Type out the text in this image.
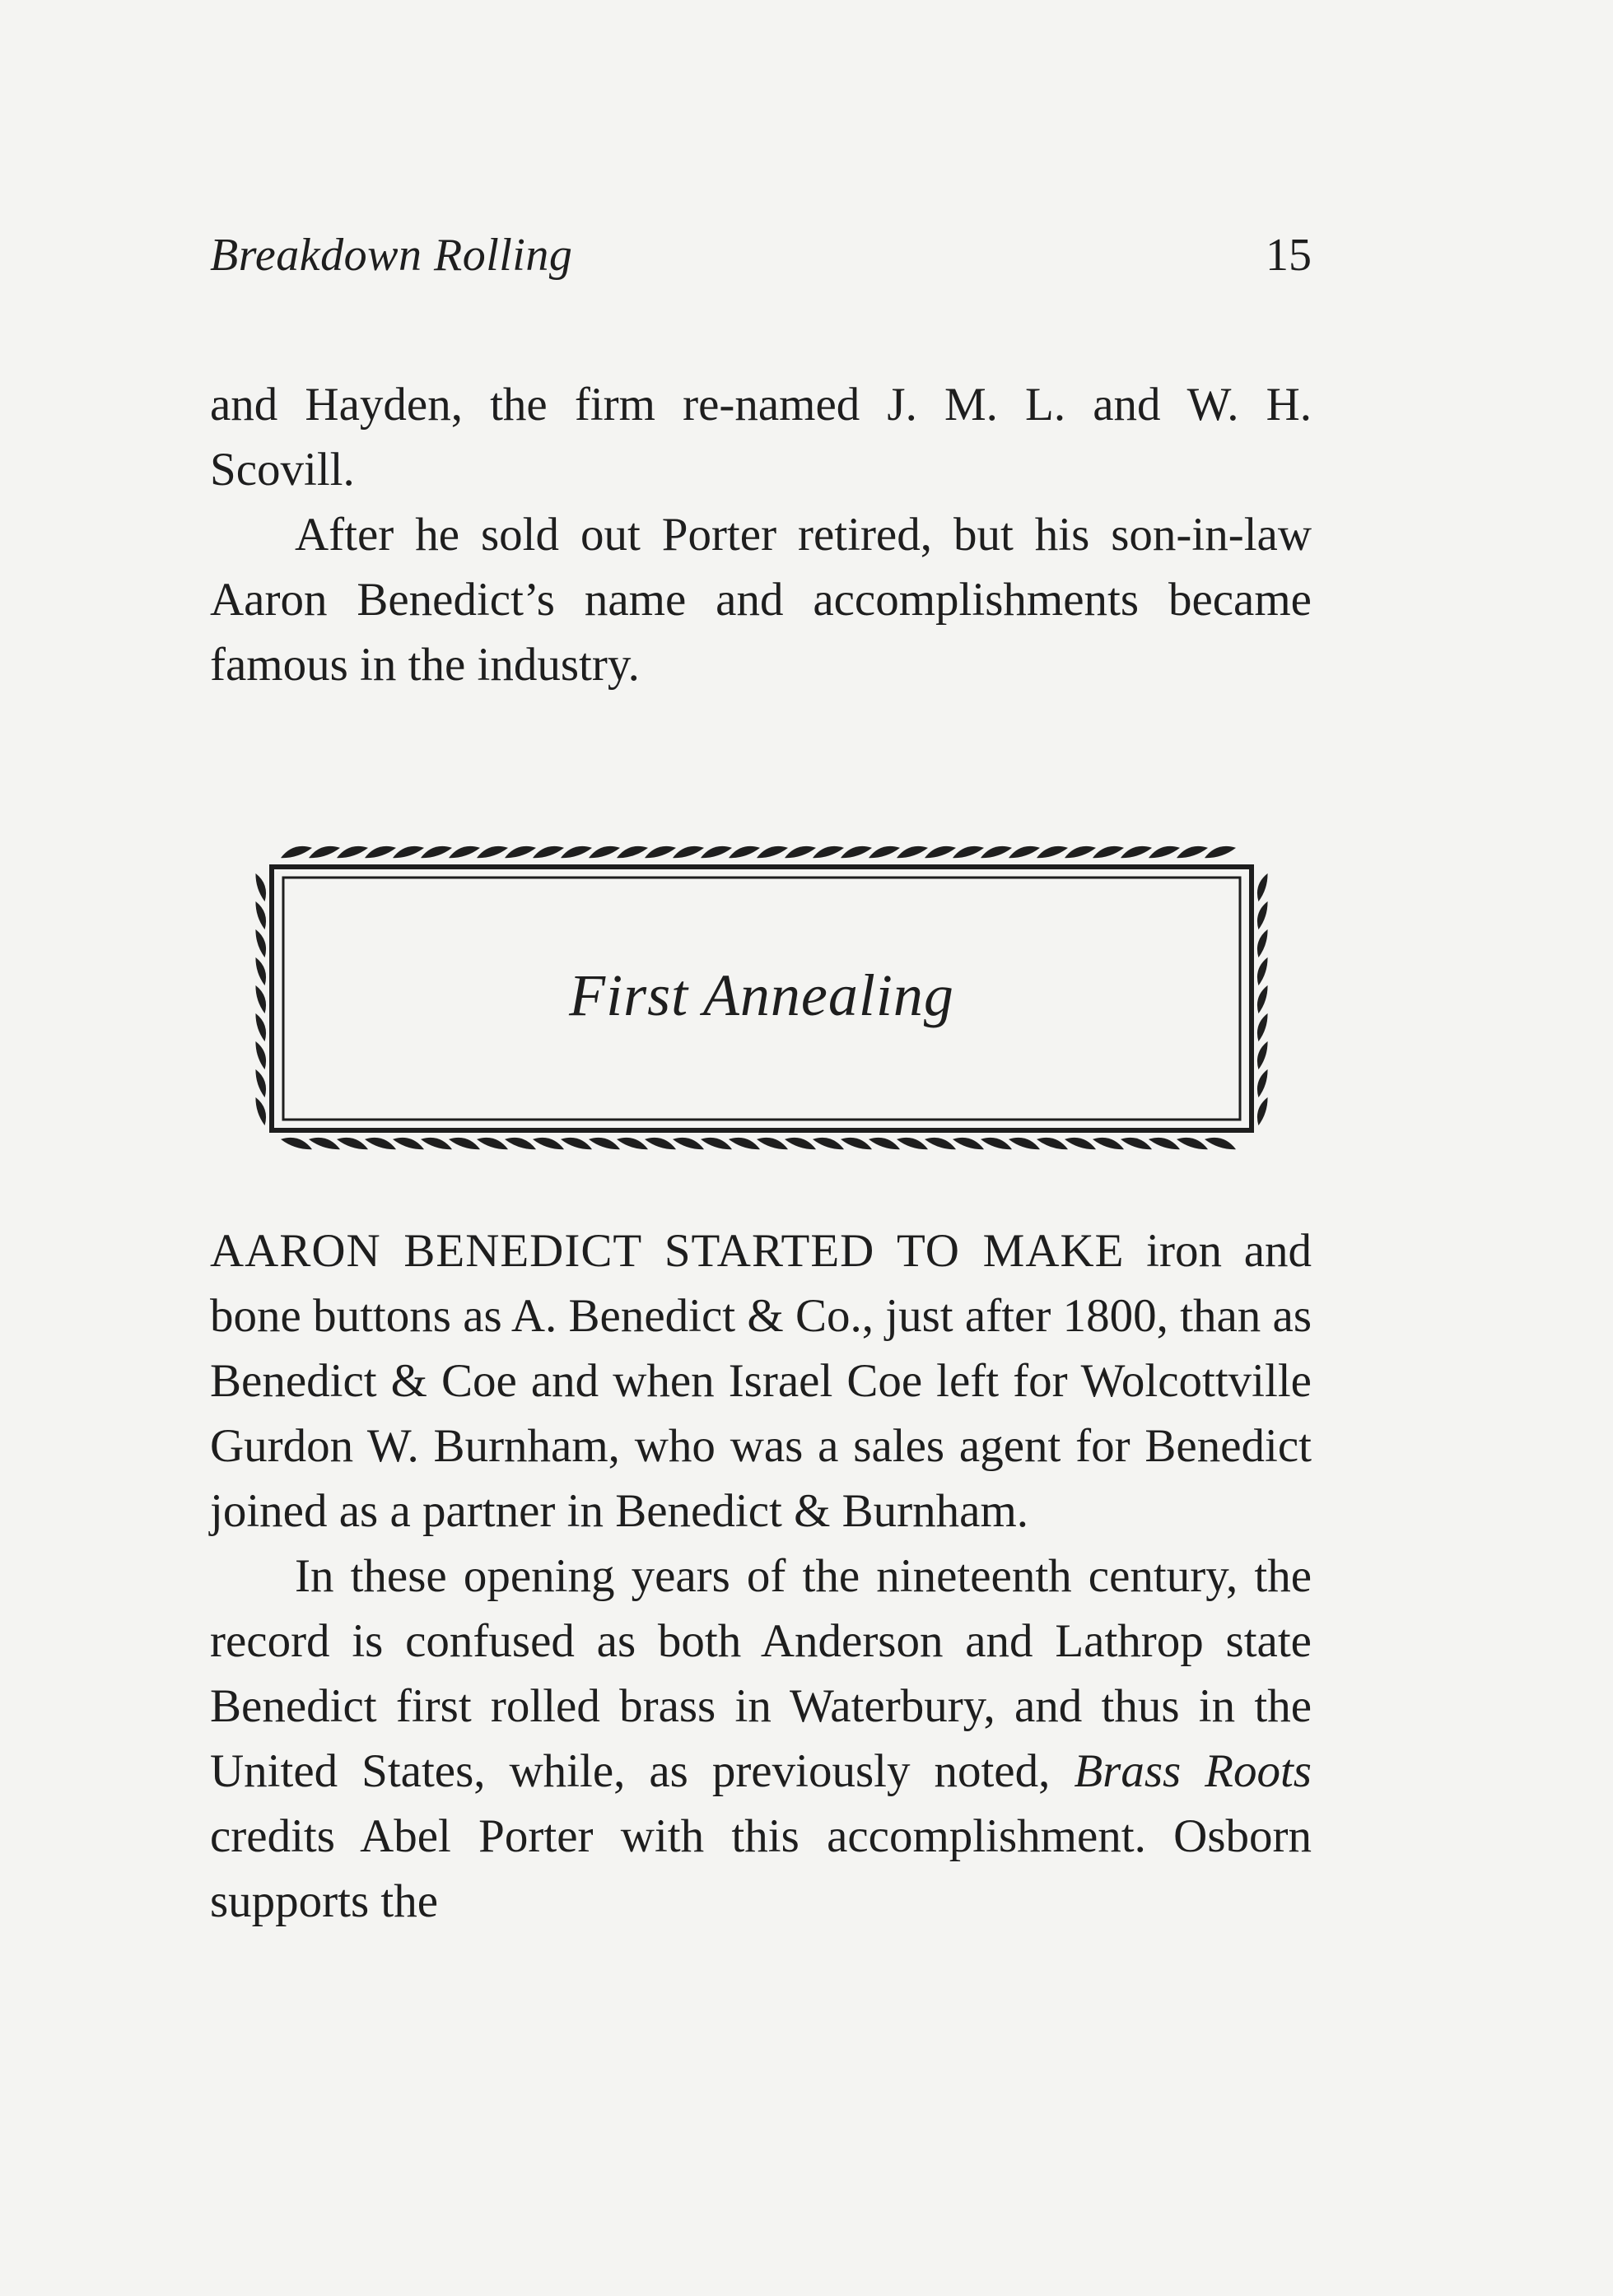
Breakdown Rolling	15

and Hayden, the firm re-named J. M. L. and W. H. Scovill.

After he sold out Porter retired, but his son-in-law Aaron Benedict’s name and accomplishments became famous in the industry.

First Annealing

AARON BENEDICT STARTED TO MAKE iron and bone buttons as A. Benedict & Co., just after 1800, than as Benedict & Coe and when Israel Coe left for Wolcottville Gurdon W. Burnham, who was a sales agent for Benedict joined as a partner in Benedict & Burnham.

In these opening years of the nineteenth century, the record is confused as both Anderson and Lathrop state Benedict first rolled brass in Waterbury, and thus in the United States, while, as previously noted, Brass Roots credits Abel Porter with this accomplishment. Osborn supports the
